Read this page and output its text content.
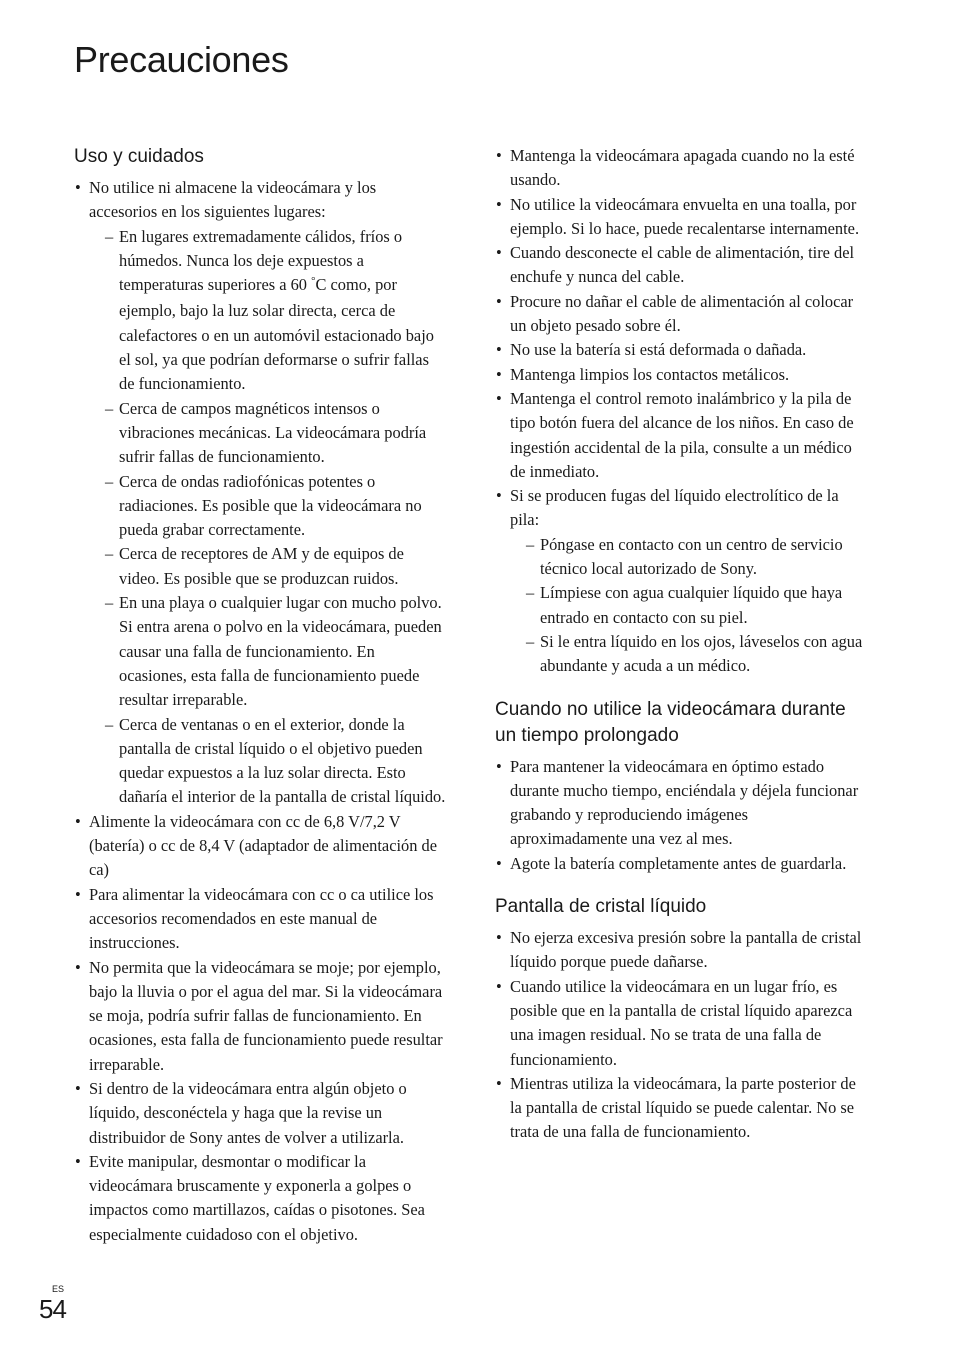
Precauciones
Uso y cuidados
• No utilice ni almacene la videocámara y los accesorios en los siguientes lugares:
– En lugares extremadamente cálidos, fríos o húmedos. Nunca los deje expuestos a temperaturas superiores a 60 °C como, por ejemplo, bajo la luz solar directa, cerca de calefactores o en un automóvil estacionado bajo el sol, ya que podrían deformarse o sufrir fallas de funcionamiento.
– Cerca de campos magnéticos intensos o vibraciones mecánicas. La videocámara podría sufrir fallas de funcionamiento.
– Cerca de ondas radiofónicas potentes o radiaciones. Es posible que la videocámara no pueda grabar correctamente.
– Cerca de receptores de AM y de equipos de video. Es posible que se produzcan ruidos.
– En una playa o cualquier lugar con mucho polvo. Si entra arena o polvo en la videocámara, pueden causar una falla de funcionamiento. En ocasiones, esta falla de funcionamiento puede resultar irreparable.
– Cerca de ventanas o en el exterior, donde la pantalla de cristal líquido o el objetivo pueden quedar expuestos a la luz solar directa. Esto dañaría el interior de la pantalla de cristal líquido.
• Alimente la videocámara con cc de 6,8 V/7,2 V (batería) o cc de 8,4 V (adaptador de alimentación de ca)
• Para alimentar la videocámara con cc o ca utilice los accesorios recomendados en este manual de instrucciones.
• No permita que la videocámara se moje; por ejemplo, bajo la lluvia o por el agua del mar. Si la videocámara se moja, podría sufrir fallas de funcionamiento. En ocasiones, esta falla de funcionamiento puede resultar irreparable.
• Si dentro de la videocámara entra algún objeto o líquido, desconéctela y haga que la revise un distribuidor de Sony antes de volver a utilizarla.
• Evite manipular, desmontar o modificar la videocámara bruscamente y exponerla a golpes o impactos como martillazos, caídas o pisotones. Sea especialmente cuidadoso con el objetivo.
• Mantenga la videocámara apagada cuando no la esté usando.
• No utilice la videocámara envuelta en una toalla, por ejemplo. Si lo hace, puede recalentarse internamente.
• Cuando desconecte el cable de alimentación, tire del enchufe y nunca del cable.
• Procure no dañar el cable de alimentación al colocar un objeto pesado sobre él.
• No use la batería si está deformada o dañada.
• Mantenga limpios los contactos metálicos.
• Mantenga el control remoto inalámbrico y la pila de tipo botón fuera del alcance de los niños. En caso de ingestión accidental de la pila, consulte a un médico de inmediato.
• Si se producen fugas del líquido electrolítico de la pila:
– Póngase en contacto con un centro de servicio técnico local autorizado de Sony.
– Límpiese con agua cualquier líquido que haya entrado en contacto con su piel.
– Si le entra líquido en los ojos, láveselos con agua abundante y acuda a un médico.
Cuando no utilice la videocámara durante un tiempo prolongado
• Para mantener la videocámara en óptimo estado durante mucho tiempo, enciéndala y déjela funcionar grabando y reproduciendo imágenes aproximadamente una vez al mes.
• Agote la batería completamente antes de guardarla.
Pantalla de cristal líquido
• No ejerza excesiva presión sobre la pantalla de cristal líquido porque puede dañarse.
• Cuando utilice la videocámara en un lugar frío, es posible que en la pantalla de cristal líquido aparezca una imagen residual. No se trata de una falla de funcionamiento.
• Mientras utiliza la videocámara, la parte posterior de la pantalla de cristal líquido se puede calentar. No se trata de una falla de funcionamiento.
ES
54
